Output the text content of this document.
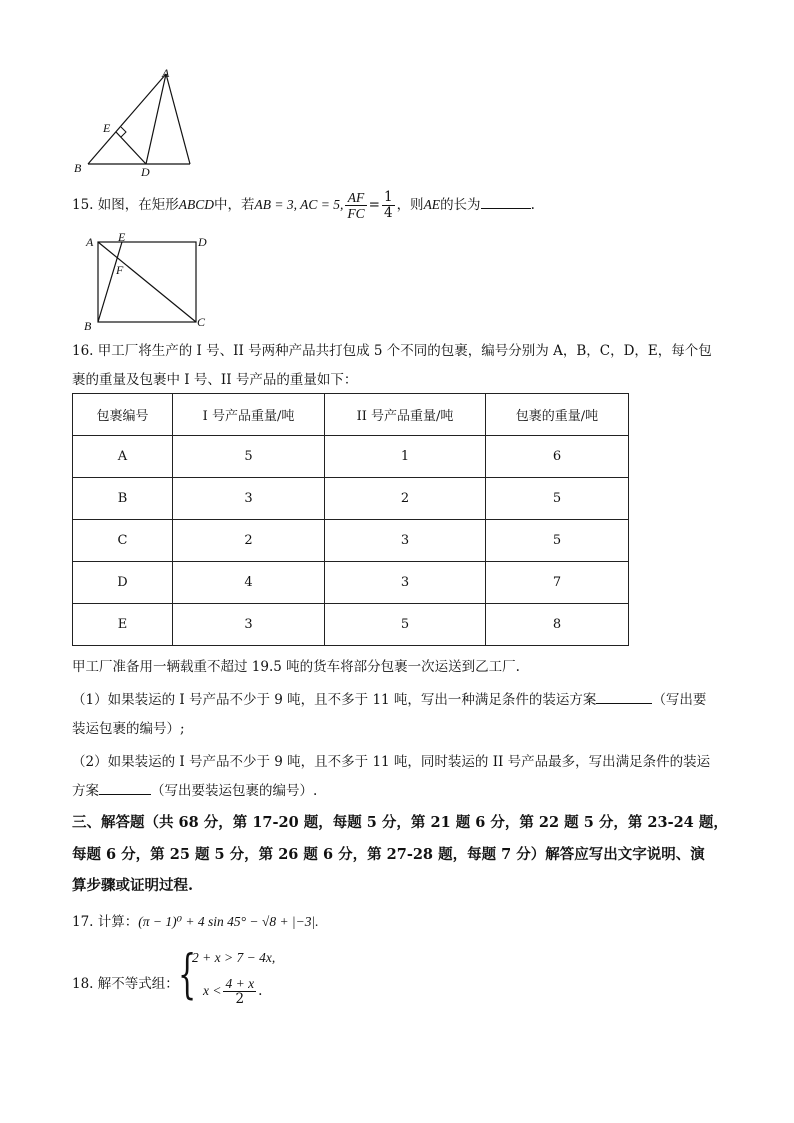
A
E
B	D
15. 如图，在矩形ABCD中，若AB = 3, AC = 5, $\frac{AF}{FC} = \frac{1}{4}$ ，则AE的长为	.
A E	D
F
B	C
16. 甲工厂将生产的 I 号、II 号两种产品共打包成 5 个不同的包裹，编号分别为 A，B，C，D，E，每个包
裹的重量及包裹中 I 号、II 号产品的重量如下：
包裹编号	I 号产品重量/吨	II 号产品重量/吨	包裹的重量/吨
A	5	1	6
B	3	2	5
C	2	3	5
D	4	3	7
E	3	5	8
甲工厂准备用一辆载重不超过 19.5 吨的货车将部分包裹一次运送到乙工厂.
（1）如果装运的 I 号产品不少于 9 吨，且不多于 11 吨，写出一种满足条件的装运方案	（写出要
装运包裹的编号）;
（2）如果装运的 I 号产品不少于 9 吨，且不多于 11 吨，同时装运的 II 号产品最多，写出满足条件的装运
方案	（写出要装运包裹的编号）.
三、解答题（共 68 分，第 17-20 题，每题 5 分，第 21 题 6 分，第 22 题 5 分，第 23-24 题，
每题 6 分，第 25 题 5 分，第 26 题 6 分，第 27-28 题，每题 7 分）解答应写出文字说明、演
算步骤或证明过程.
17. 计算：(π − 1)⁰ + 4 sin 45° − √8 + |−3|.
18. 解不等式组： {
2 + x > 7 − 4x,
$x < \frac{4 + x}{2}$ .
